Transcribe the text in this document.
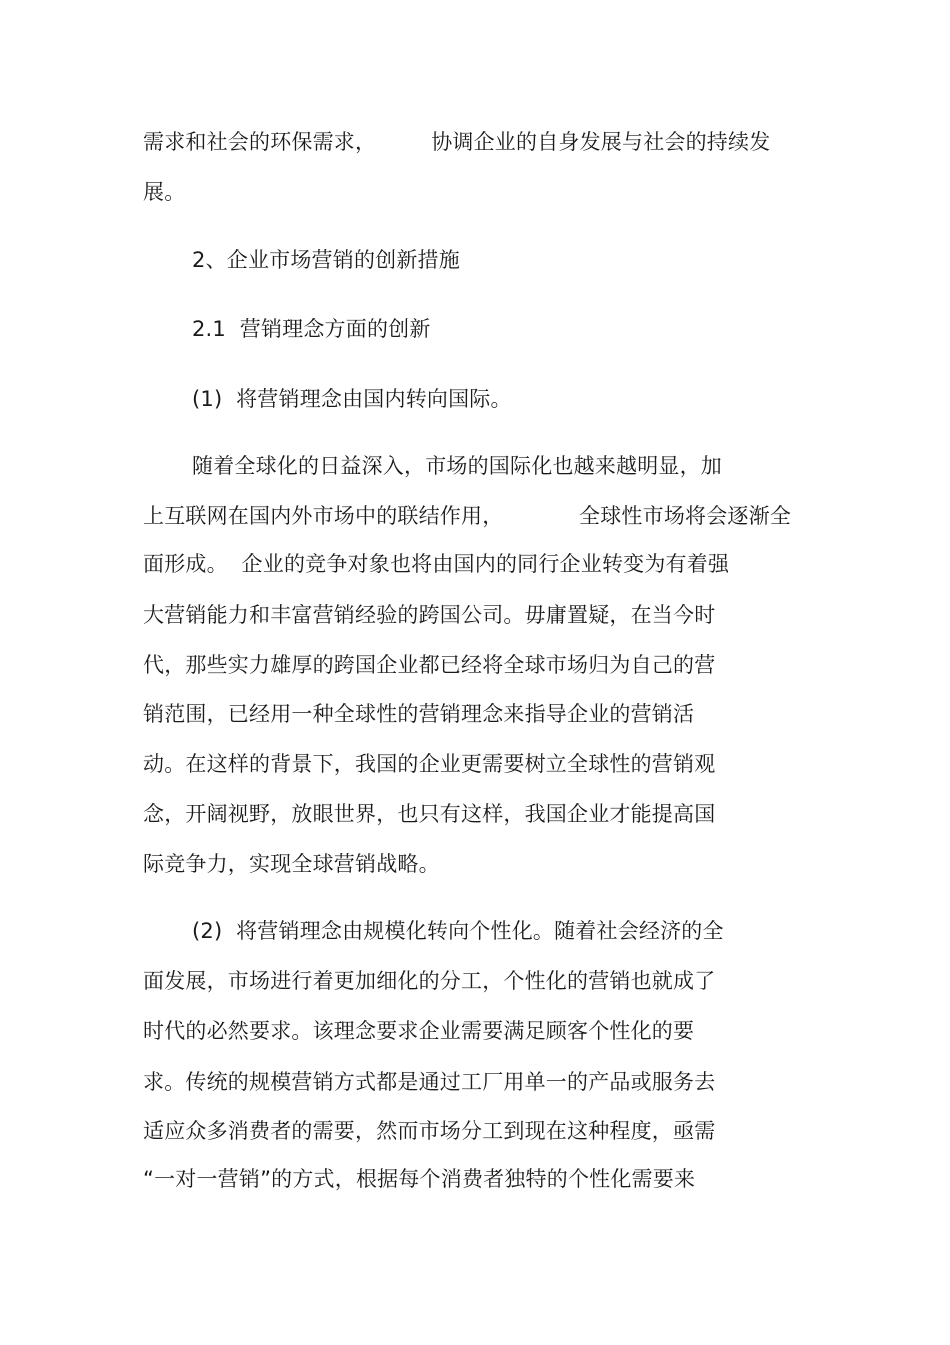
需求和社会的环保需求，        协调企业的自身发展与社会的持续发
展。
2、企业市场营销的创新措施
2.1  营销理念方面的创新
(1)  将营销理念由国内转向国际。
随着全球化的日益深入，市场的国际化也越来越明显，加
上互联网在国内外市场中的联结作用，           全球性市场将会逐渐全
面形成。  企业的竞争对象也将由国内的同行企业转变为有着强
大营销能力和丰富营销经验的跨国公司。毋庸置疑，在当今时
代，那些实力雄厚的跨国企业都已经将全球市场归为自己的营
销范围，已经用一种全球性的营销理念来指导企业的营销活
动。在这样的背景下，我国的企业更需要树立全球性的营销观
念，开阔视野，放眼世界，也只有这样，我国企业才能提高国
际竞争力，实现全球营销战略。
(2)  将营销理念由规模化转向个性化。随着社会经济的全
面发展，市场进行着更加细化的分工，个性化的营销也就成了
时代的必然要求。该理念要求企业需要满足顾客个性化的要
求。传统的规模营销方式都是通过工厂用单一的产品或服务去
适应众多消费者的需要，然而市场分工到现在这种程度，亟需
“一对一营销”的方式，根据每个消费者独特的个性化需要来
